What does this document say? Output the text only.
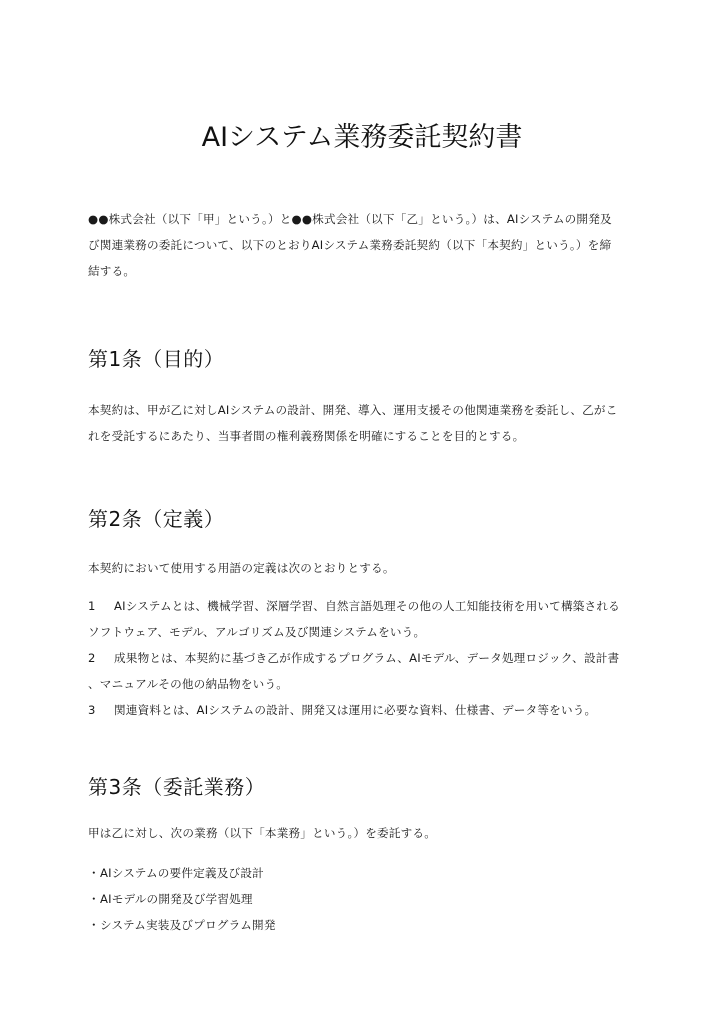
AIシステム業務委託契約書
●●株式会社（以下「甲」という。）と●●株式会社（以下「乙」という。）は、AIシステムの開発及
び関連業務の委託について、以下のとおりAIシステム業務委託契約（以下「本契約」という。）を締
結する。
第1条（目的）
本契約は、甲が乙に対しAIシステムの設計、開発、導入、運用支援その他関連業務を委託し、乙がこ
れを受託するにあたり、当事者間の権利義務関係を明確にすることを目的とする。
第2条（定義）
本契約において使用する用語の定義は次のとおりとする。
1 AIシステムとは、機械学習、深層学習、自然言語処理その他の人工知能技術を用いて構築される
ソフトウェア、モデル、アルゴリズム及び関連システムをいう。
2 成果物とは、本契約に基づき乙が作成するプログラム、AIモデル、データ処理ロジック、設計書
、マニュアルその他の納品物をいう。
3 関連資料とは、AIシステムの設計、開発又は運用に必要な資料、仕様書、データ等をいう。
第3条（委託業務）
甲は乙に対し、次の業務（以下「本業務」という。）を委託する。
・AIシステムの要件定義及び設計
・AIモデルの開発及び学習処理
・システム実装及びプログラム開発
